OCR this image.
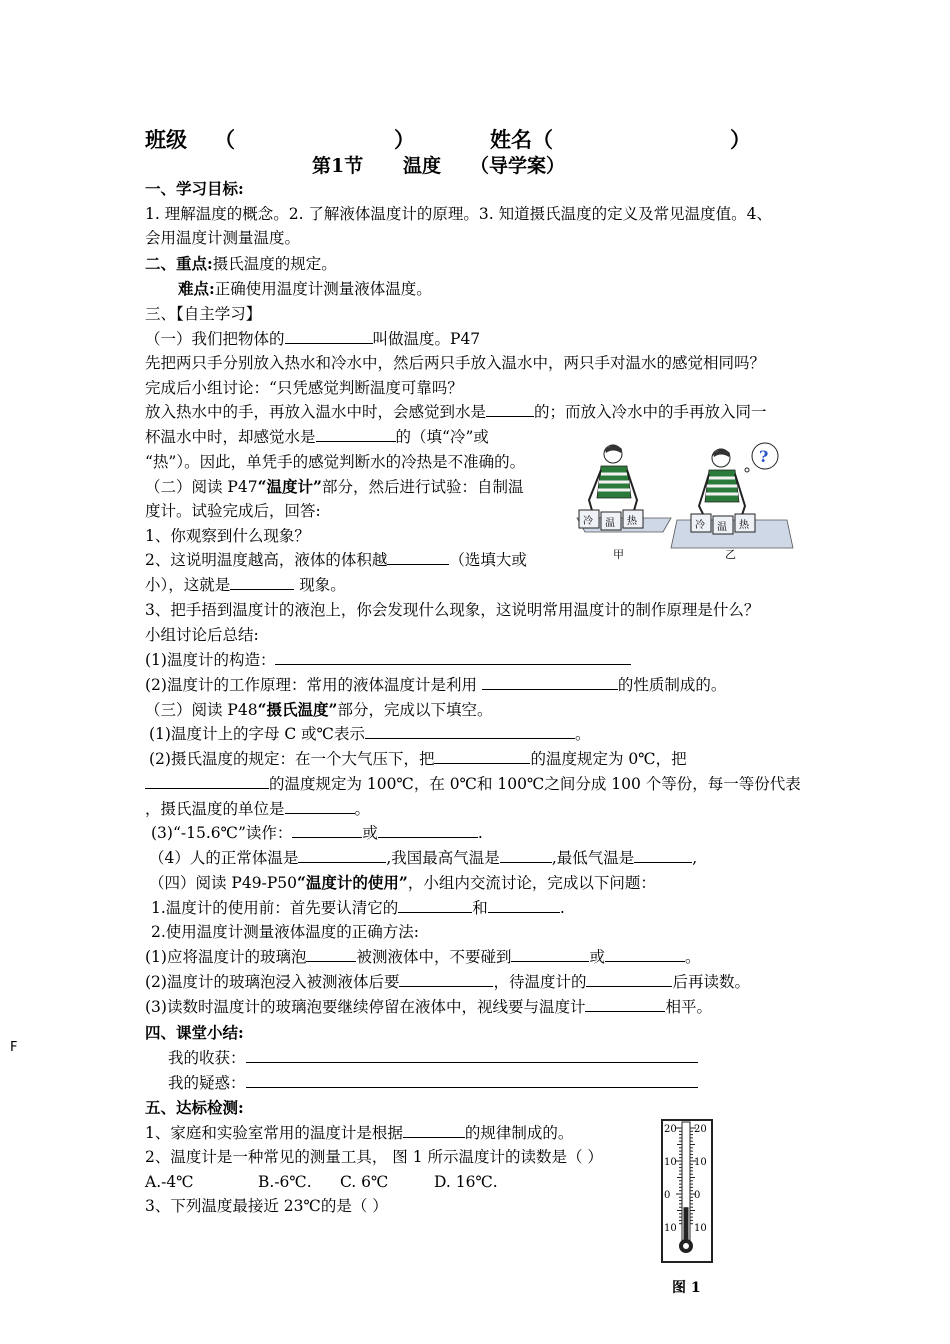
班级 （	）	姓名（	）
第1节 温度 （导学案）
一、学习目标:
1. 理解温度的概念。2. 了解液体温度计的原理。3. 知道摄氏温度的定义及常见温度值。4、
会用温度计测量温度。
二、重点:摄氏温度的规定。
难点:正确使用温度计测量液体温度。
三、【自主学习】
（一）我们把物体的	叫做温度。P47
先把两只手分别放入热水和冷水中，然后两只手放入温水中，两只手对温水的感觉相同吗？
完成后小组讨论：“只凭感觉判断温度可靠吗？
放入热水中的手，再放入温水中时，会感觉到水是	的；而放入冷水中的手再放入同一
杯温水中时，却感觉水是	的（填“冷”或
“热”）。因此，单凭手的感觉判断水的冷热是不准确的。
（二）阅读 P47“温度计”部分，然后进行试验：自制温
度计。试验完成后，回答:
1、你观察到什么现象？
2、这说明温度越高，液体的体积越	（选填大或
小），这就是	现象。
3、把手捂到温度计的液泡上，你会发现什么现象，这说明常用温度计的制作原理是什么？
小组讨论后总结:
(1)温度计的构造：
(2)温度计的工作原理：常用的液体温度计是利用	的性质制成的。
（三）阅读 P48“摄氏温度”部分，完成以下填空。
(1)温度计上的字母 C 或℃表示	。
(2)摄氏温度的规定：在一个大气压下，把	的温度规定为 0℃，把
的温度规定为 100℃，在 0℃和 100℃之间分成 100 个等份，每一等份代表
，摄氏温度的单位是	。
(3)“-15.6℃”读作：	或	.
（4）人的正常体温是	,我国最高气温是	,最低气温是	,
（四）阅读 P49-P50“温度计的使用”，小组内交流讨论，完成以下问题：
1.温度计的使用前：首先要认清它的	和	.
2.使用温度计测量液体温度的正确方法:
(1)应将温度计的玻璃泡	被测液体中，不要碰到	或	。
(2)温度计的玻璃泡浸入被测液体后要	，待温度计的	后再读数。
(3)读数时温度计的玻璃泡要继续停留在液体中，视线要与温度计	相平。
四、课堂小结:
我的收获：
我的疑惑：
五、达标检测:
1、家庭和实验室常用的温度计是根据	的规律制成的。
2、温度计是一种常见的测量工具， 图 1 所示温度计的读数是（ ）
A.-4℃	B.-6℃. C. 6℃	D. 16℃.
3、下列温度最接近 23℃的是（ ）
F
冷 温 热
甲
冷 温 热
?
乙
20 20
10 10
0 0
10 10
图 1
